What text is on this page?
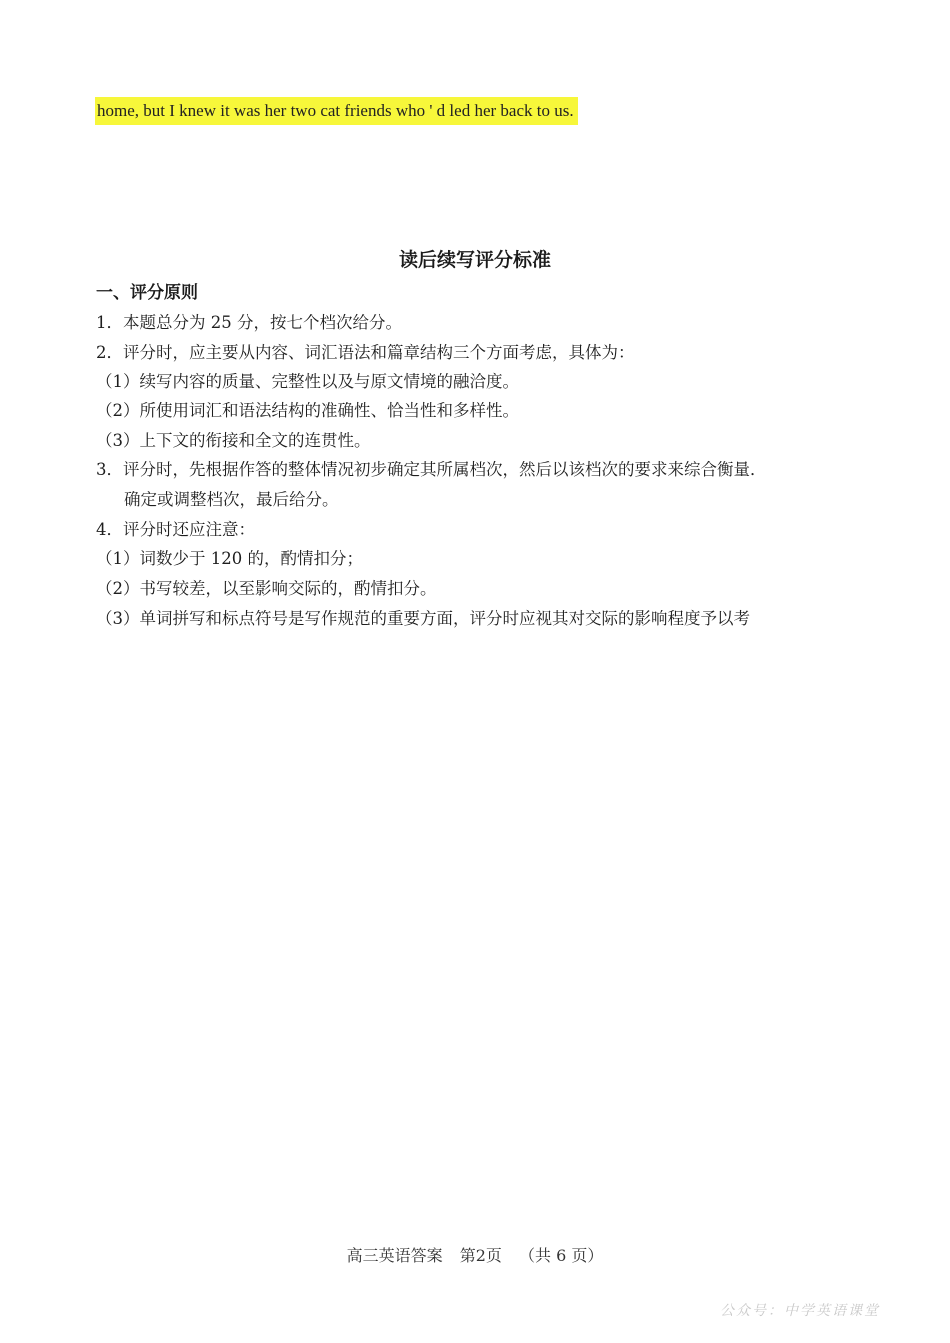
home, but I knew it was her two cat friends who ' d led her back to us.
读后续写评分标准
一、评分原则
1．本题总分为 25 分，按七个档次给分。
2．评分时，应主要从内容、词汇语法和篇章结构三个方面考虑，具体为：
（1）续写内容的质量、完整性以及与原文情境的融洽度。
（2）所使用词汇和语法结构的准确性、恰当性和多样性。
（3）上下文的衔接和全文的连贯性。
3．评分时，先根据作答的整体情况初步确定其所属档次，然后以该档次的要求来综合衡量．
确定或调整档次，最后给分。
4．评分时还应注意：
（1）词数少于 120 的，酌情扣分；
（2）书写较差，以至影响交际的，酌情扣分。
（3）单词拼写和标点符号是写作规范的重要方面，评分时应视其对交际的影响程度予以考
高三英语答案 第2页 （共 6 页）
公众号：中学英语课堂
